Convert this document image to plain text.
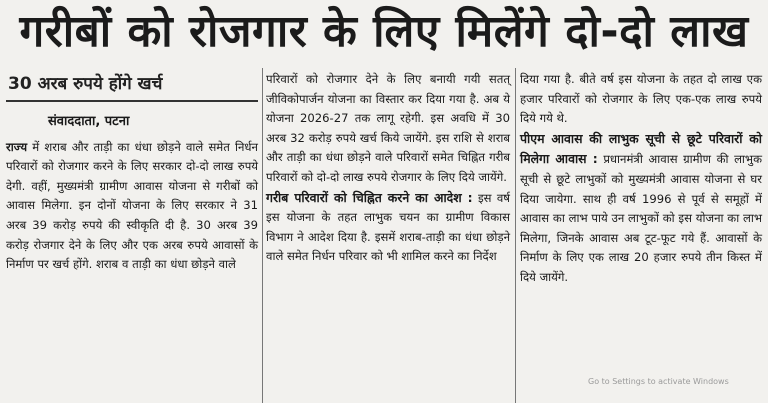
गरीबों को रोजगार के लिए मिलेंगे दो-दो लाख
30 अरब रुपये होंगे खर्च
संवाददाता, पटना

राज्य में शराब और ताड़ी का धंधा छोड़ने वाले समेत निर्धन परिवारों को रोजगार करने के लिए सरकार दो-दो लाख रुपये देगी. वहीं, मुख्यमंत्री ग्रामीण आवास योजना से गरीबों को आवास मिलेगा. इन दोनों योजना के लिए सरकार ने 31 अरब 39 करोड़ रुपये की स्वीकृति दी है. 30 अरब 39 करोड़ रोजगार देने के लिए और एक अरब रुपये आवासों के निर्माण पर खर्च होंगे. शराब व ताड़ी का धंधा छोड़ने वाले

परिवारों को रोजगार देने के लिए बनायी गयी सतत् जीविकोपार्जन योजना का विस्तार कर दिया गया है. अब ये योजना 2026-27 तक लागू रहेगी. इस अवधि में 30 अरब 32 करोड़ रुपये खर्च किये जायेंगे. इस राशि से शराब और ताड़ी का धंधा छोड़ने वाले परिवारों समेत चिह्नित गरीब परिवारों को दो-दो लाख रुपये रोजगार के लिए दिये जायेंगे.

गरीब परिवारों को चिह्नित करने का आदेश : इस वर्ष इस योजना के तहत लाभुक चयन का ग्रामीण विकास विभाग ने आदेश दिया है. इसमें शराब-ताड़ी का धंधा छोड़ने वाले समेत निर्धन परिवार को भी शामिल करने का निर्देश

दिया गया है. बीते वर्ष इस योजना के तहत दो लाख एक हजार परिवारों को रोजगार के लिए एक-एक लाख रुपये दिये गये थे.

पीएम आवास की लाभुक सूची से छूटे परिवारों को मिलेगा आवास : प्रधानमंत्री आवास ग्रामीण की लाभुक सूची से छूटे लाभुकों को मुख्यमंत्री आवास योजना से घर दिया जायेगा. साथ ही वर्ष 1996 से पूर्व से समूहों में आवास का लाभ पाये उन लाभुकों को इस योजना का लाभ मिलेगा, जिनके आवास अब टूट-फूट गये हैं. आवासों के निर्माण के लिए एक लाख 20 हजार रुपये तीन किस्त में दिये जायेंगे.

Go to Settings to activate Windows
